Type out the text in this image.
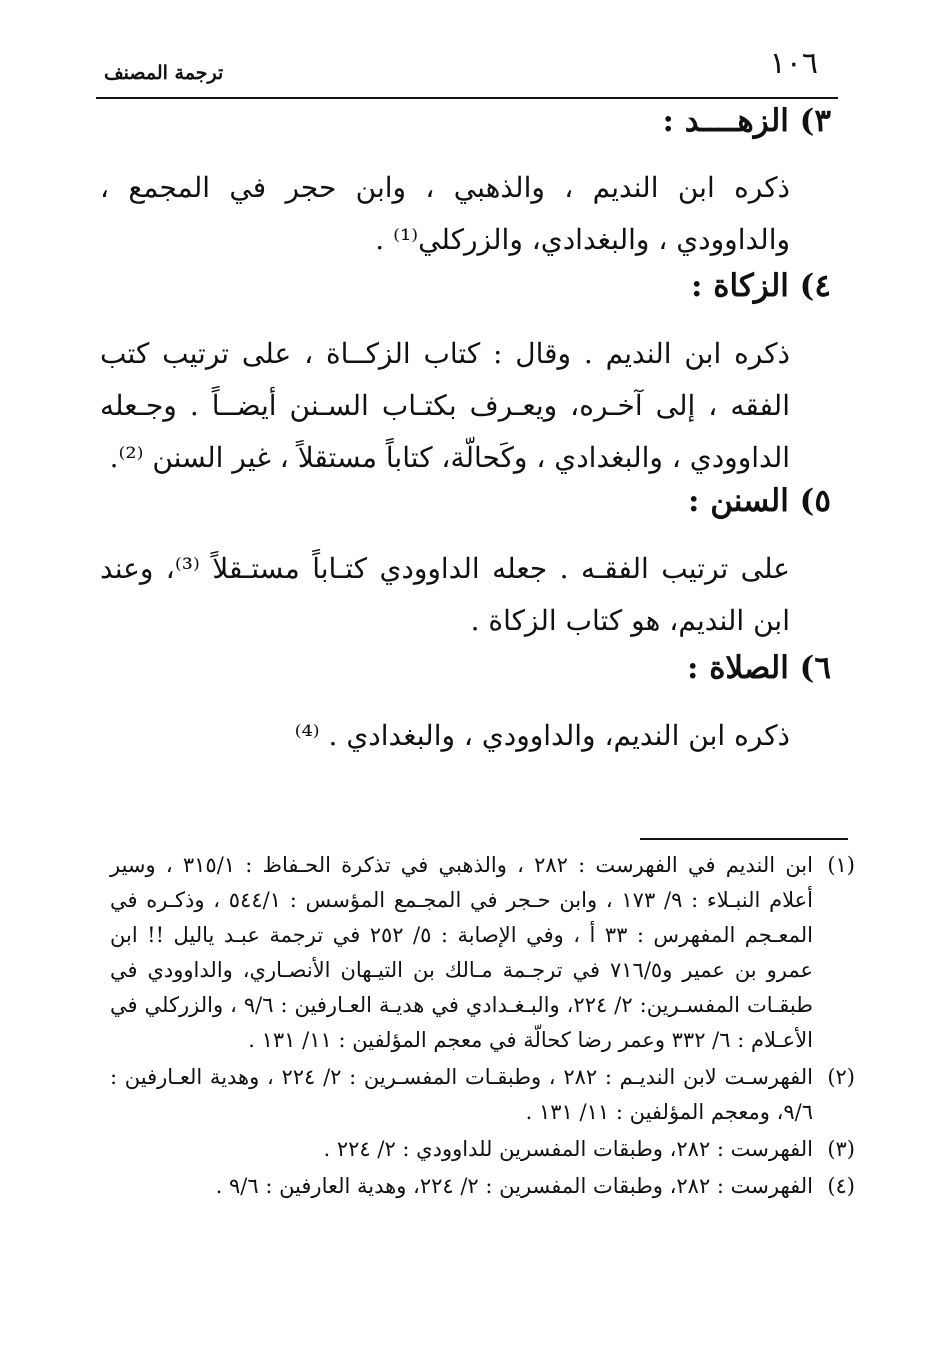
١٠٦
ترجمة المصنف
٣) الزهــــد :
ذكره ابن النديم ، والذهبي ، وابن حجر في المجمع ، والداوودي ، والبغدادي، والزركلي⁽¹⁾ .
٤) الزكاة :
ذكره ابن النديم . وقال : كتاب الزكــاة ، على ترتيب كتب الفقه ، إلى آخـره، ويعـرف بكتـاب السـنن أيضــاً . وجـعله الداوودي ، والبغدادي ، وكَحالّة، كتاباً مستقلاً ، غير السنن ⁽²⁾.
٥) السنن :
على ترتيب الفقـه . جعله الداوودي كتـاباً مستـقلاً ⁽³⁾، وعند ابن النديم، هو كتاب الزكاة .
٦) الصلاة :
ذكره ابن النديم، والداوودي ، والبغدادي . ⁽⁴⁾
(١)
ابن النديم في الفهرست : ٢٨٢ ، والذهبي في تذكرة الحـفاظ : ٣١٥/١ ، وسير أعلام النبـلاء : ٩/ ١٧٣ ، وابن حـجر في المجـمع المؤسس : ٥٤٤/١ ، وذكـره في المعـجم المفهرس : ٣٣ أ ، وفي الإصابة : ٥/ ٢٥٢ في ترجمة عبـد ياليل !! ابن عمرو بن عمير و٧١٦/٥ في ترجـمة مـالك بن التيـهان الأنصـاري، والداوودي في طبقـات المفسـرين: ٢/ ٢٢٤، والبـغـدادي في هديـة العـارفين : ٩/٦ ، والزركلي في الأعـلام : ٦/ ٣٣٢ وعمر رضا كحالّة في معجم المؤلفين : ١١/ ١٣١ .
(٢)
الفهرسـت لابن النديـم : ٢٨٢ ، وطبقـات المفسـرين : ٢/ ٢٢٤ ، وهدية العـارفين : ٩/٦، ومعجم المؤلفين : ١١/ ١٣١ .
(٣)
الفهرست : ٢٨٢، وطبقات المفسرين للداوودي : ٢/ ٢٢٤ .
(٤)
الفهرست : ٢٨٢، وطبقات المفسرين : ٢/ ٢٢٤، وهدية العارفين : ٩/٦ .
